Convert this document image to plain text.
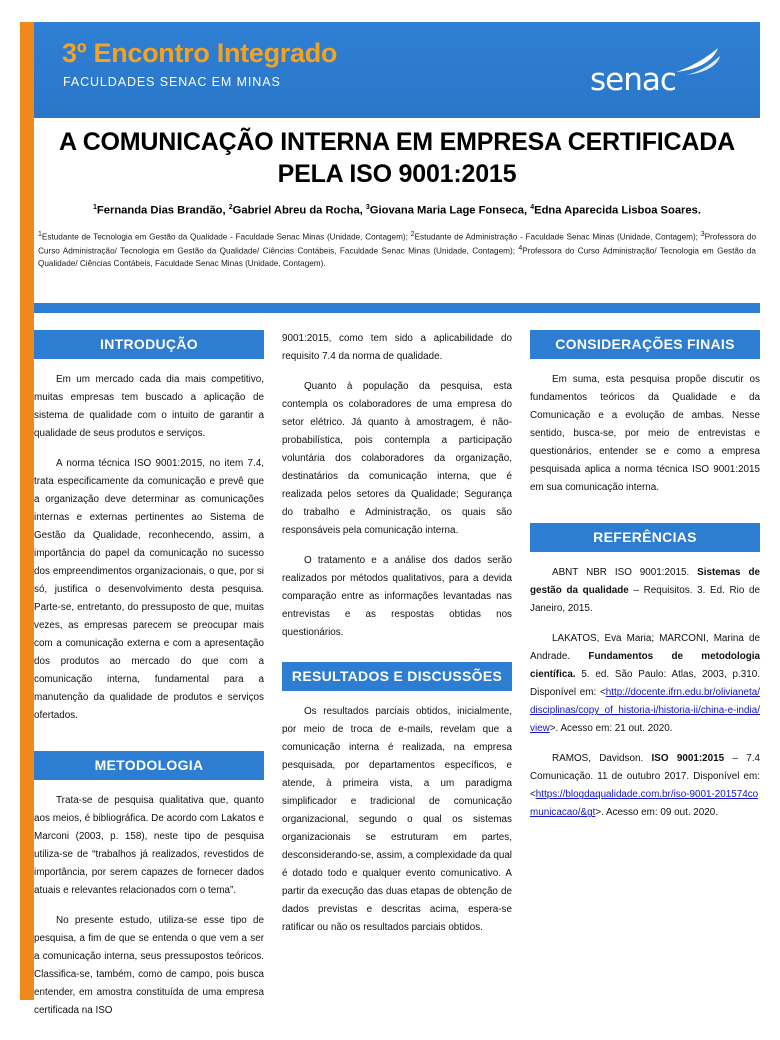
3º Encontro Integrado
FACULDADES SENAC EM MINAS	senac
A COMUNICAÇÃO INTERNA EM EMPRESA CERTIFICADA PELA ISO 9001:2015
$^1$Fernanda Dias Brandão, $^2$Gabriel Abreu da Rocha, $^3$Giovana Maria Lage Fonseca, $^4$Edna Aparecida Lisboa Soares.
$^1$Estudante de Tecnologia em Gestão da Qualidade - Faculdade Senac Minas (Unidade, Contagem); $^2$Estudante de Administração - Faculdade Senac Minas (Unidade, Contagem); $^3$Professora do Curso Administração/ Tecnologia em Gestão da Qualidade/ Ciências Contábeis, Faculdade Senac Minas (Unidade, Contagem); $^4$Professora do Curso Administração/ Tecnologia em Gestão da Qualidade/ Ciências Contábeis, Faculdade Senac Minas (Unidade, Contagem).
INTRODUÇÃO

Em um mercado cada dia mais competitivo, muitas empresas tem buscado a aplicação de sistema de qualidade com o intuito de garantir a qualidade de seus produtos e serviços.

A norma técnica ISO 9001:2015, no item 7.4, trata especificamente da comunicação e prevê que a organização deve determinar as comunicações internas e externas pertinentes ao Sistema de Gestão da Qualidade, reconhecendo, assim, a importância do papel da comunicação no sucesso dos empreendimentos organizacionais, o que, por si só, justifica o desenvolvimento desta pesquisa. Parte-se, entretanto, do pressuposto de que, muitas vezes, as empresas parecem se preocupar mais com a comunicação externa e com a apresentação dos produtos ao mercado do que com a comunicação interna, fundamental para a manutenção da qualidade de produtos e serviços ofertados.

METODOLOGIA

Trata-se de pesquisa qualitativa que, quanto aos meios, é bibliográfica. De acordo com Lakatos e Marconi (2003, p. 158), neste tipo de pesquisa utiliza-se de “trabalhos já realizados, revestidos de importância, por serem capazes de fornecer dados atuais e relevantes relacionados com o tema”.

No presente estudo, utiliza-se esse tipo de pesquisa, a fim de que se entenda o que vem a ser a comunicação interna, seus pressupostos teóricos. Classifica-se, também, como de campo, pois busca entender, em amostra constituída de uma empresa certificada na ISO

9001:2015, como tem sido a aplicabilidade do requisito 7.4 da norma de qualidade.

Quanto à população da pesquisa, esta contempla os colaboradores de uma empresa do setor elétrico. Já quanto à amostragem, é não-probabilística, pois contempla a participação voluntária dos colaboradores da organização, destinatários da comunicação interna, que é realizada pelos setores da Qualidade; Segurança do trabalho e Administração, os quais são responsáveis pela comunicação interna.

O tratamento e a análise dos dados serão realizados por métodos qualitativos, para a devida comparação entre as informações levantadas nas entrevistas e as respostas obtidas nos questionários.

RESULTADOS E DISCUSSÕES

Os resultados parciais obtidos, inicialmente, por meio de troca de e-mails, revelam que a comunicação interna é realizada, na empresa pesquisada, por departamentos específicos, e atende, à primeira vista, a um paradigma simplificador e tradicional de comunicação organizacional, segundo o qual os sistemas organizacionais se estruturam em partes, desconsiderando-se, assim, a complexidade da qual é dotado todo e qualquer evento comunicativo. A partir da execução das duas etapas de obtenção de dados previstas e descritas acima, espera-se ratificar ou não os resultados parciais obtidos.

CONSIDERAÇÕES FINAIS

Em suma, esta pesquisa propõe discutir os fundamentos teóricos da Qualidade e da Comunicação e a evolução de ambas. Nesse sentido, busca-se, por meio de entrevistas e questionários, entender se e como a empresa pesquisada aplica a norma técnica ISO 9001:2015 em sua comunicação interna.

REFERÊNCIAS

ABNT NBR ISO 9001:2015. Sistemas de gestão da qualidade – Requisitos. 3. Ed. Rio de Janeiro, 2015.

LAKATOS, Eva Maria; MARCONI, Marina de Andrade. Fundamentos de metodologia científica. 5. ed. São Paulo: Atlas, 2003, p.310. Disponível em: <http://docente.ifrn.edu.br/olivianeta/disciplinas/copy_of_historia-i/historia-ii/china-e-india/view>. Acesso em: 21 out. 2020.

RAMOS, Davidson. ISO 9001:2015 – 7.4 Comunicação. 11 de outubro 2017. Disponível em: <https://blogdaqualidade.com.br/iso-9001-201574comunicacao/&gt>. Acesso em: 09 out. 2020.
